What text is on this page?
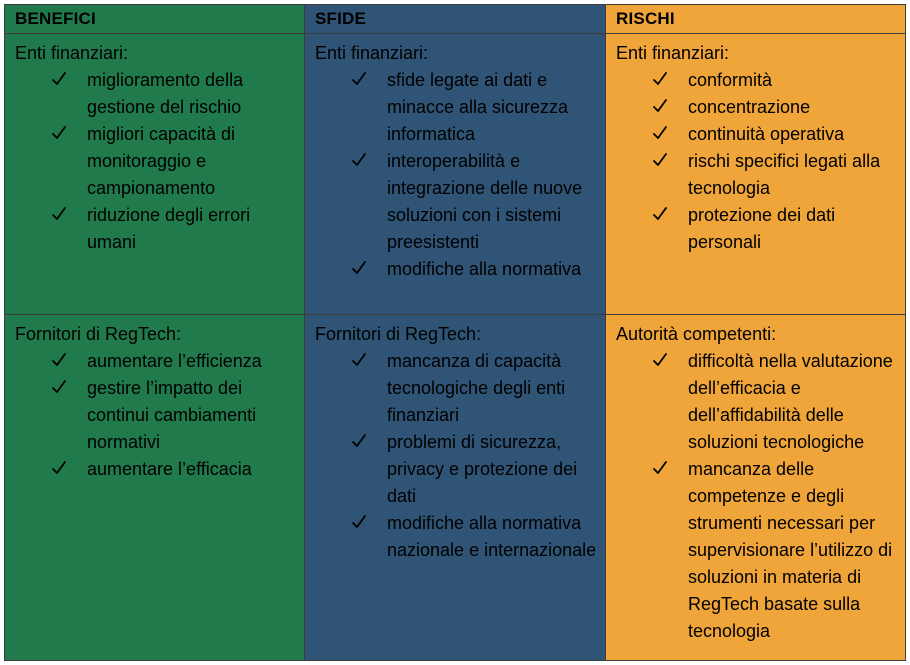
BENEFICI
Enti finanziari:
miglioramento della gestione del rischio
migliori capacità di monitoraggio e campionamento
riduzione degli errori umani
Fornitori di RegTech:
aumentare l’efficienza
gestire l’impatto dei continui cambiamenti normativi
aumentare l’efficacia
SFIDE
Enti finanziari:
sfide legate ai dati e minacce alla sicurezza informatica
interoperabilità e integrazione delle nuove soluzioni con i sistemi preesistenti
modifiche alla normativa
Fornitori di RegTech:
mancanza di capacità tecnologiche degli enti finanziari
problemi di sicurezza, privacy e protezione dei dati
modifiche alla normativa nazionale e internazionale
RISCHI
Enti finanziari:
conformità
concentrazione
continuità operativa
rischi specifici legati alla tecnologia
protezione dei dati personali
Autorità competenti:
difficoltà nella valutazione dell’efficacia e dell’affidabilità delle soluzioni tecnologiche
mancanza delle competenze e degli strumenti necessari per supervisionare l’utilizzo di soluzioni in materia di RegTech basate sulla tecnologia
